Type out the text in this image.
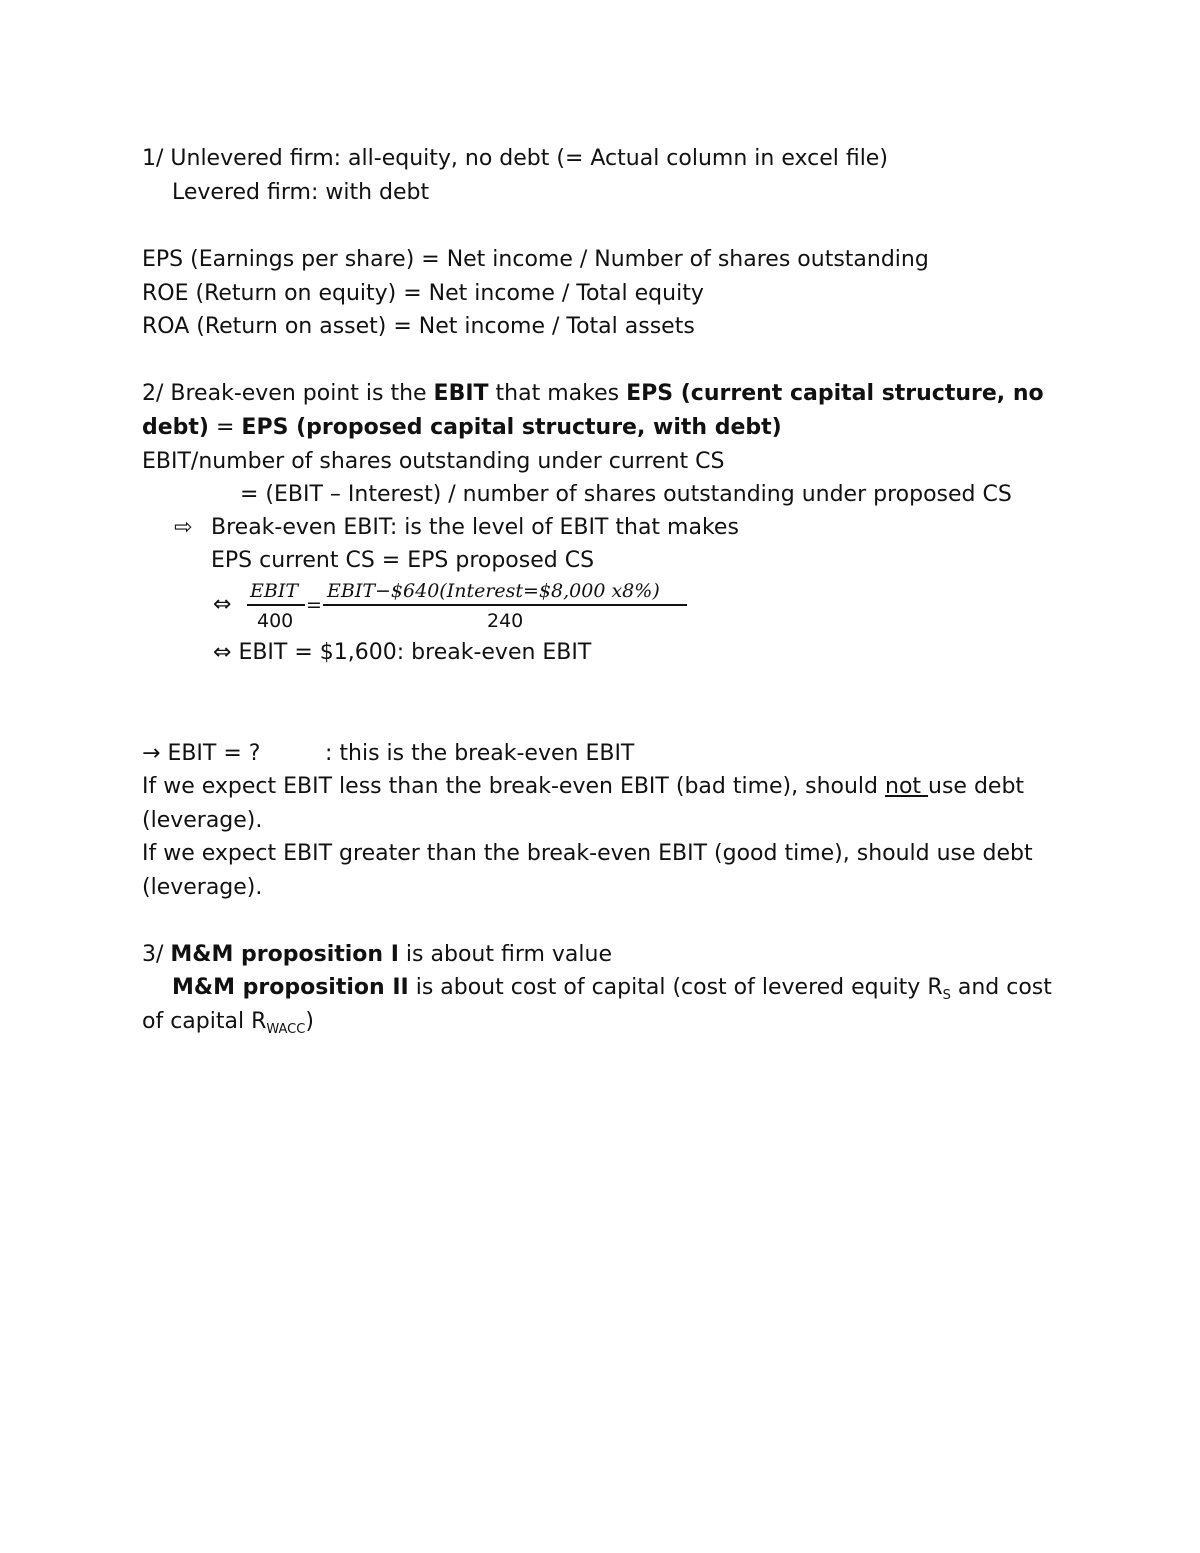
1/ Unlevered firm: all-equity, no debt (= Actual column in excel file)
Levered firm: with debt
EPS (Earnings per share) = Net income / Number of shares outstanding
ROE (Return on equity) = Net income / Total equity
ROA (Return on asset) = Net income / Total assets
2/ Break-even point is the EBIT that makes EPS (current capital structure, no
debt) = EPS (proposed capital structure, with debt)
EBIT/number of shares outstanding under current CS
= (EBIT – Interest) / number of shares outstanding under proposed CS
⇨ Break-even EBIT: is the level of EBIT that makes
EPS current CS = EPS proposed CS
⇔
EBIT
400
=
EBIT−$640(Interest=$8,000 x8%)
240
⇔ EBIT = $1,600: break-even EBIT
→ EBIT = ?	: this is the break-even EBIT
If we expect EBIT less than the break-even EBIT (bad time), should not use debt
(leverage).
If we expect EBIT greater than the break-even EBIT (good time), should use debt
(leverage).
3/ M&M proposition I is about firm value
M&M proposition II is about cost of capital (cost of levered equity $R_S$ and cost
of capital $R_{WACC}$)
